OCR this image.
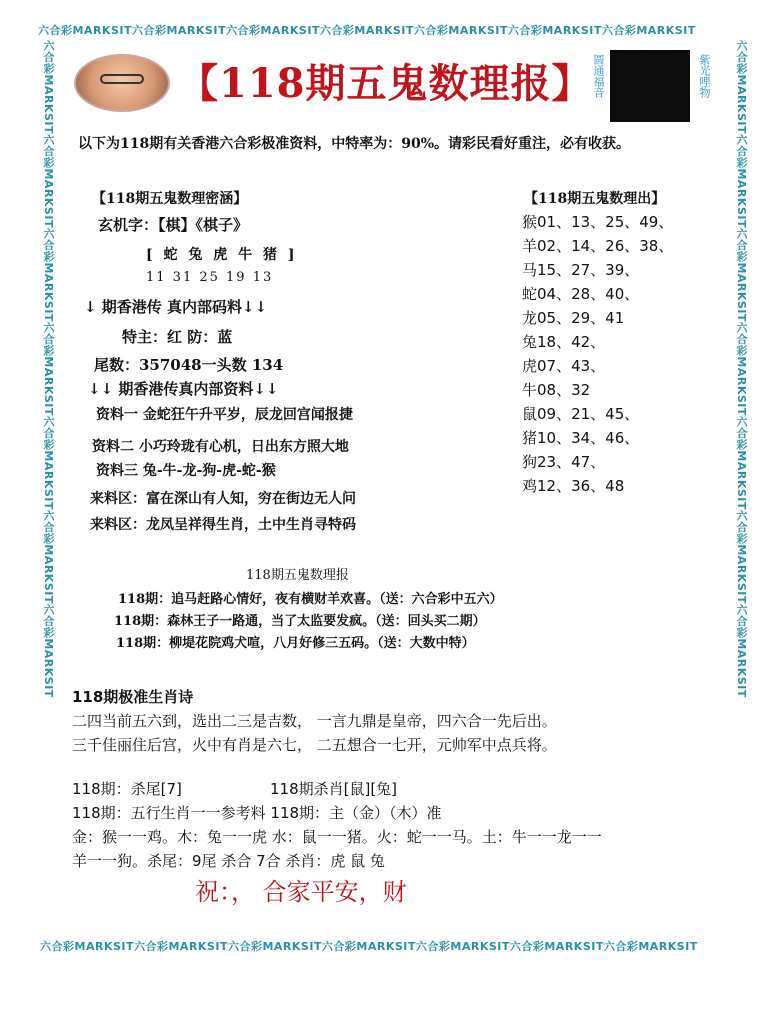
六合彩MARKSIT六合彩MARKSIT六合彩MARKSIT六合彩MARKSIT六合彩MARKSIT六合彩MARKSIT六合彩MARKSIT
六合彩MARKSIT六合彩MARKSIT六合彩MARKSIT六合彩MARKSIT六合彩MARKSIT六合彩MARKSIT六合彩MARKSIT
六合彩MARKSIT六合彩MARKSIT六合彩MARKSIT六合彩MARKSIT六合彩MARKSIT六合彩MARKSIT六合彩MARKSIT	六合彩MARKSIT六合彩MARKSIT六合彩MARKSIT六合彩MARKSIT六合彩MARKSIT六合彩MARKSIT六合彩MARKSIT
【118期五鬼数理报】 圆通福音	紫光哩物
以下为118期有关香港六合彩极准资料，中特率为：90%。请彩民看好重注，必有收获。
【118期五鬼数理密涵】
玄机字：【棋】《棋子》
[ 蛇 兔 虎 牛 猪 ]
11 31 25 19 13
↓ 期香港传 真内部码料↓↓
特主：红 防：蓝
尾数：357048一头数 134
↓↓ 期香港传真内部资料↓↓
资料一 金蛇狂午升平岁，辰龙回宫闻报捷
资料二 小巧玲珑有心机，日出东方照大地
资料三 兔-牛-龙-狗-虎-蛇-猴
来料区：富在深山有人知，穷在街边无人问
来料区：龙凤呈祥得生肖，土中生肖寻特码
【118期五鬼数理出】
猴01、13、25、49、
羊02、14、26、38、
马15、27、39、
蛇04、28、40、
龙05、29、41
兔18、42、
虎07、43、
牛08、32
鼠09、21、45、
猪10、34、46、
狗23、47、
鸡12、36、48
118期五鬼数理报
118期：追马赶路心情好，夜有横财羊欢喜。（送：六合彩中五六）
118期：森林王子一路通，当了太监要发疯。（送：回头买二期）
118期：柳堤花院鸡犬喧，八月好修三五码。（送：大数中特）
118期极准生肖诗
二四当前五六到，选出二三是吉数， 一言九鼎是皇帝，四六合一先后出。
三千佳丽住后宫，火中有肖是六七， 二五想合一七开，元帅军中点兵将。
118期：杀尾[7]	118期杀肖[鼠][兔]
118期：五行生肖一一参考料 118期：主（金）（木）准
金：猴一一鸡。木：兔一一虎 水：鼠一一猪。火：蛇一一马。土：牛一一龙一一
羊一一狗。杀尾：9尾 杀合 7合 杀肖：虎 鼠 兔
祝：， 合家平安，财
